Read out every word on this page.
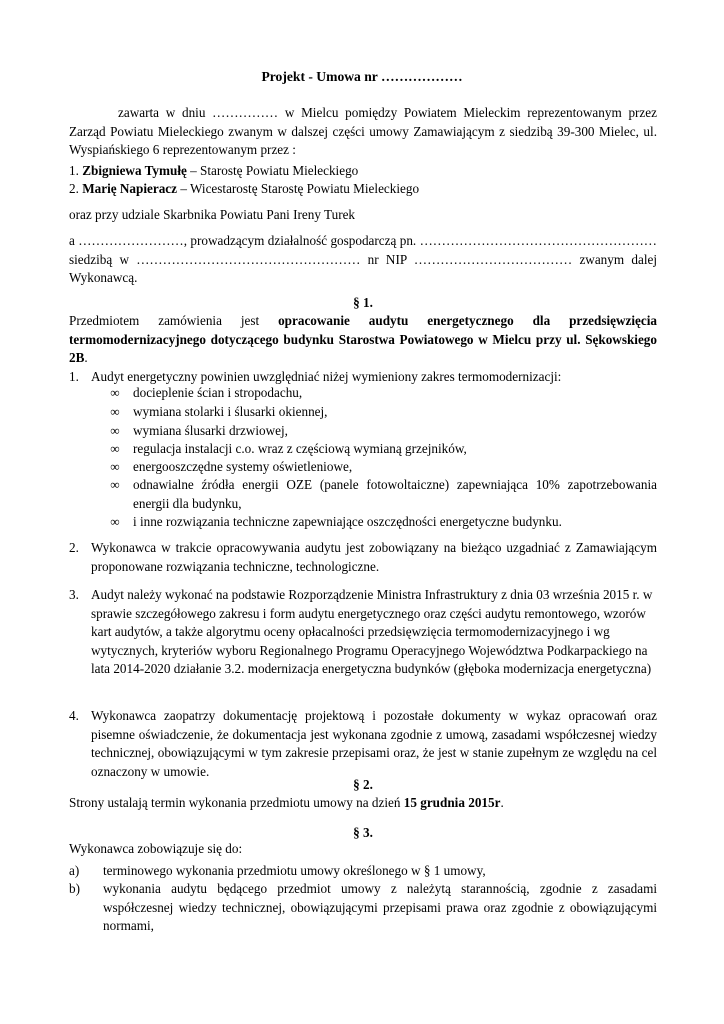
Projekt - Umowa nr ………………
zawarta w dniu …………… w Mielcu pomiędzy Powiatem Mieleckim reprezentowanym przez Zarząd Powiatu Mieleckiego zwanym w dalszej części umowy Zamawiającym z siedzibą 39-300 Mielec, ul. Wyspiańskiego 6 reprezentowanym przez :
1. Zbigniewa Tymułę – Starostę Powiatu Mieleckiego
2. Marię Napieracz – Wicestarostę Starostę Powiatu Mieleckiego
oraz przy udziale Skarbnika Powiatu Pani Ireny Turek
a ……………………, prowadzącym działalność gospodarczą pn. ………………………………………………siedzibą w …………………………………………… nr NIP ……………………………… zwanym dalej Wykonawcą.
§ 1.
Przedmiotem zamówienia jest opracowanie audytu energetycznego dla przedsięwzięcia termomodernizacyjnego dotyczącego budynku Starostwa Powiatowego w Mielcu przy ul. Sękowskiego 2B.
1. Audyt energetyczny powinien uwzględniać niżej wymieniony zakres termomodernizacji:
∞ docieplenie ścian i stropodachu,
∞ wymiana stolarki i ślusarki okiennej,
∞ wymiana ślusarki drzwiowej,
∞ regulacja instalacji c.o. wraz z częściową wymianą grzejników,
∞ energooszczędne systemy oświetleniowe,
∞ odnawialne źródła energii OZE (panele fotowoltaiczne) zapewniająca 10% zapotrzebowania energii dla budynku,
∞ i inne rozwiązania techniczne zapewniające oszczędności energetyczne budynku.
2. Wykonawca w trakcie opracowywania audytu jest zobowiązany na bieżąco uzgadniać z Zamawiającym proponowane rozwiązania techniczne, technologiczne.
3. Audyt należy wykonać na podstawie Rozporządzenie Ministra Infrastruktury z dnia 03 września 2015 r. w sprawie szczegółowego zakresu i form audytu energetycznego oraz części audytu remontowego, wzorów kart audytów, a także algorytmu oceny opłacalności przedsięwzięcia termomodernizacyjnego i wg wytycznych, kryteriów wyboru Regionalnego Programu Operacyjnego Województwa Podkarpackiego na lata 2014-2020 działanie 3.2. modernizacja energetyczna budynków (głęboka modernizacja energetyczna)
4. Wykonawca zaopatrzy dokumentację projektową i pozostałe dokumenty w wykaz opracowań oraz pisemne oświadczenie, że dokumentacja jest wykonana zgodnie z umową, zasadami współczesnej wiedzy technicznej, obowiązującymi w tym zakresie przepisami oraz, że jest w stanie zupełnym ze względu na cel oznaczony w umowie.
§ 2.
Strony ustalają termin wykonania przedmiotu umowy na dzień 15 grudnia 2015r.
§ 3.
Wykonawca zobowiązuje się do:
a)	terminowego wykonania przedmiotu umowy określonego w § 1 umowy,
b)	wykonania audytu będącego przedmiot umowy z należytą starannością, zgodnie z zasadami współczesnej wiedzy technicznej, obowiązującymi przepisami prawa oraz zgodnie z obowiązującymi normami,
